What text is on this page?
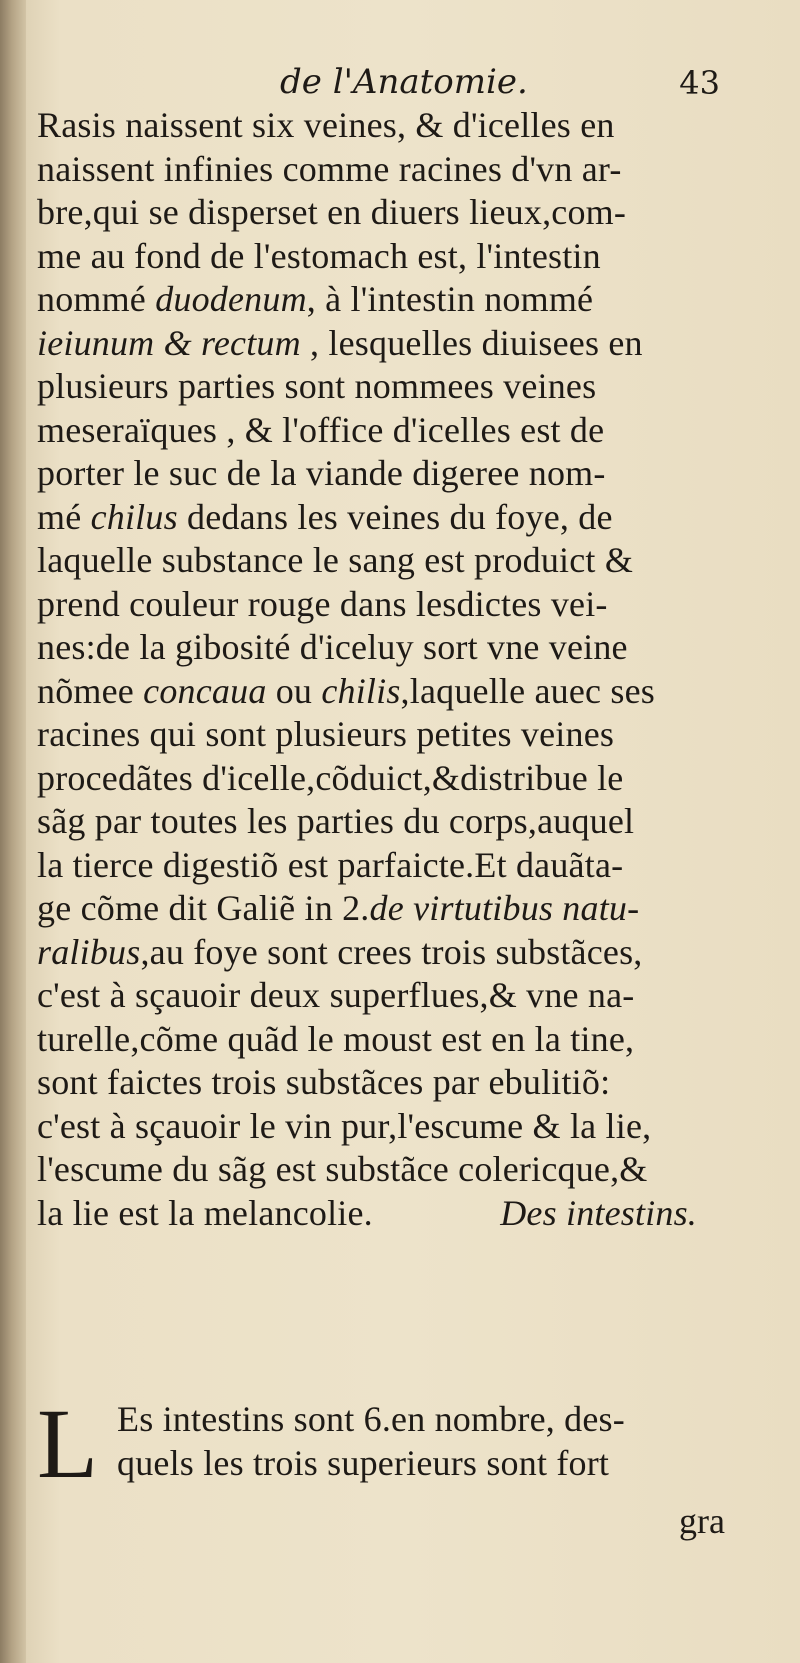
de l'Anatomie.	43
Rasis naissent six veines, & d'icelles en
naissent infinies comme racines d'vn ar-
bre,qui se disperset en diuers lieux,com-
me au fond de l'estomach est, l'intestin
nommé duodenum, à l'intestin nommé
ieiunum & rectum , lesquelles diuisees en
plusieurs parties sont nommees veines
meseraïques , & l'office d'icelles est de
porter le suc de la viande digeree nom-
mé chilus dedans les veines du foye, de
laquelle substance le sang est produict &
prend couleur rouge dans lesdictes vei-
nes:de la gibosité d'iceluy sort vne veine
nõmee concaua ou chilis,laquelle auec ses
racines qui sont plusieurs petites veines
procedãtes d'icelle,cõduict,&distribue le
sãg par toutes les parties du corps,auquel
la tierce digestiõ est parfaicte.Et dauãta-
ge cõme dit Galiẽ in 2.de virtutibus natu-
ralibus,au foye sont crees trois substãces,
c'est à sçauoir deux superflues,& vne na-
turelle,cõme quãd le moust est en la tine,
sont faictes trois substãces par ebulitiõ:
c'est à sçauoir le vin pur,l'escume & la lie,
l'escume du sãg est substãce colericque,&
la lie est la melancolie.	Des intestins.
L Es intestins sont 6.en nombre, des-
quels les trois superieurs sont fort
gra
